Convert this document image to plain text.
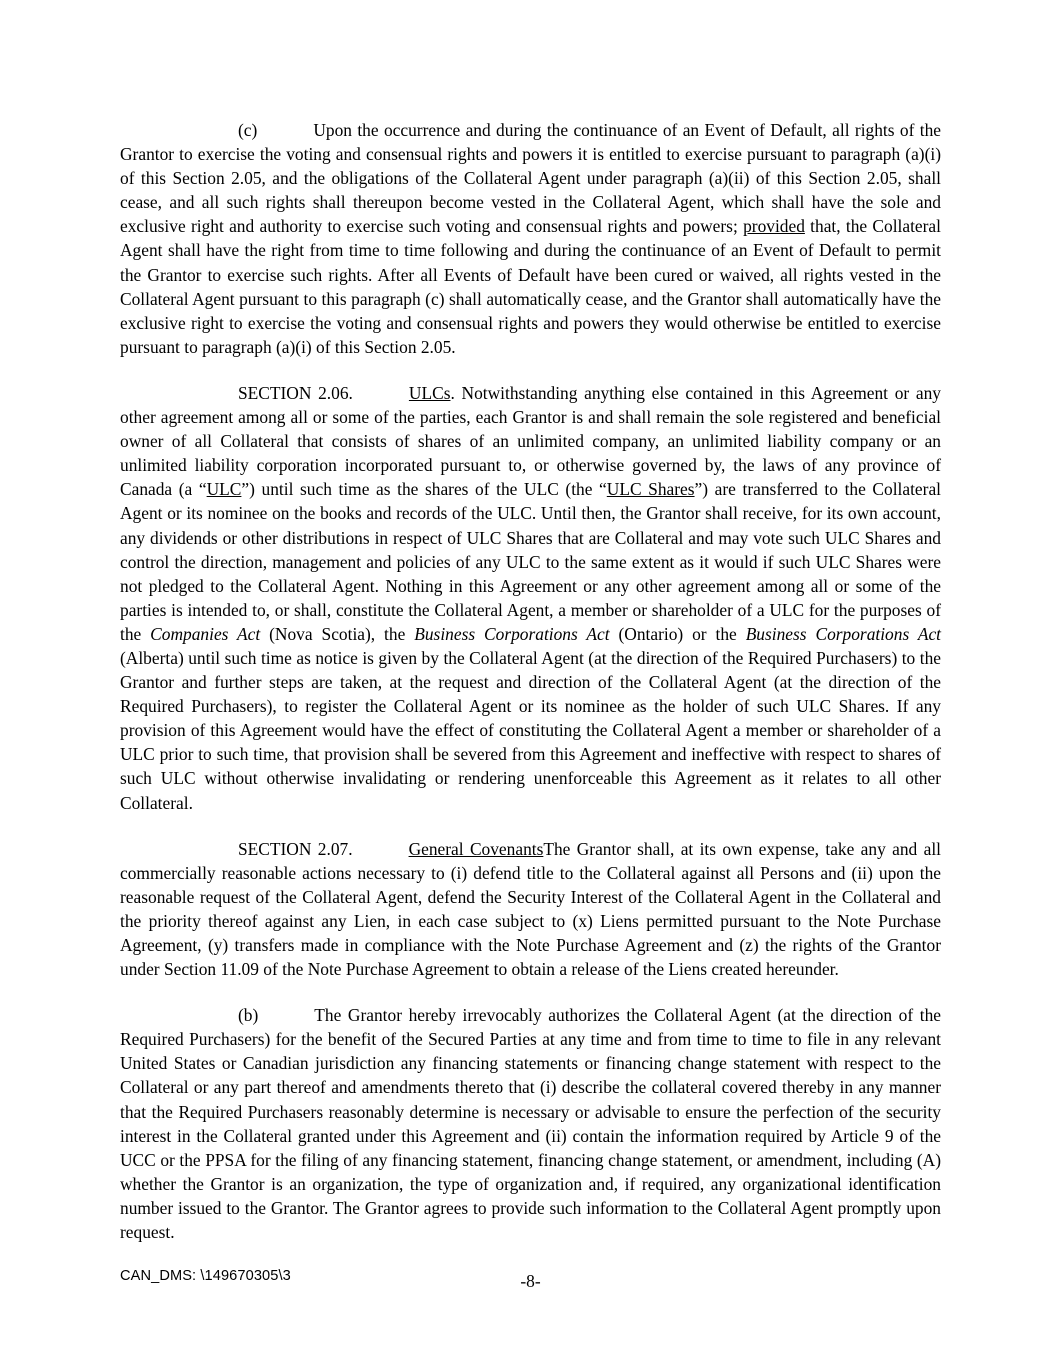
(c)	Upon the occurrence and during the continuance of an Event of Default, all rights of the Grantor to exercise the voting and consensual rights and powers it is entitled to exercise pursuant to paragraph (a)(i) of this Section 2.05, and the obligations of the Collateral Agent under paragraph (a)(ii) of this Section 2.05, shall cease, and all such rights shall thereupon become vested in the Collateral Agent, which shall have the sole and exclusive right and authority to exercise such voting and consensual rights and powers; provided that, the Collateral Agent shall have the right from time to time following and during the continuance of an Event of Default to permit the Grantor to exercise such rights. After all Events of Default have been cured or waived, all rights vested in the Collateral Agent pursuant to this paragraph (c) shall automatically cease, and the Grantor shall automatically have the exclusive right to exercise the voting and consensual rights and powers they would otherwise be entitled to exercise pursuant to paragraph (a)(i) of this Section 2.05.

SECTION 2.06.	ULCs. Notwithstanding anything else contained in this Agreement or any other agreement among all or some of the parties, each Grantor is and shall remain the sole registered and beneficial owner of all Collateral that consists of shares of an unlimited company, an unlimited liability company or an unlimited liability corporation incorporated pursuant to, or otherwise governed by, the laws of any province of Canada (a “ULC”) until such time as the shares of the ULC (the “ULC Shares”) are transferred to the Collateral Agent or its nominee on the books and records of the ULC. Until then, the Grantor shall receive, for its own account, any dividends or other distributions in respect of ULC Shares that are Collateral and may vote such ULC Shares and control the direction, management and policies of any ULC to the same extent as it would if such ULC Shares were not pledged to the Collateral Agent. Nothing in this Agreement or any other agreement among all or some of the parties is intended to, or shall, constitute the Collateral Agent, a member or shareholder of a ULC for the purposes of the Companies Act (Nova Scotia), the Business Corporations Act (Ontario) or the Business Corporations Act (Alberta) until such time as notice is given by the Collateral Agent (at the direction of the Required Purchasers) to the Grantor and further steps are taken, at the request and direction of the Collateral Agent (at the direction of the Required Purchasers), to register the Collateral Agent or its nominee as the holder of such ULC Shares. If any provision of this Agreement would have the effect of constituting the Collateral Agent a member or shareholder of a ULC prior to such time, that provision shall be severed from this Agreement and ineffective with respect to shares of such ULC without otherwise invalidating or rendering unenforceable this Agreement as it relates to all other Collateral.

SECTION 2.07.	General CovenantsThe Grantor shall, at its own expense, take any and all commercially reasonable actions necessary to (i) defend title to the Collateral against all Persons and (ii) upon the reasonable request of the Collateral Agent, defend the Security Interest of the Collateral Agent in the Collateral and the priority thereof against any Lien, in each case subject to (x) Liens permitted pursuant to the Note Purchase Agreement, (y) transfers made in compliance with the Note Purchase Agreement and (z) the rights of the Grantor under Section 11.09 of the Note Purchase Agreement to obtain a release of the Liens created hereunder.

(b)	The Grantor hereby irrevocably authorizes the Collateral Agent (at the direction of the Required Purchasers) for the benefit of the Secured Parties at any time and from time to time to file in any relevant United States or Canadian jurisdiction any financing statements or financing change statement with respect to the Collateral or any part thereof and amendments thereto that (i) describe the collateral covered thereby in any manner that the Required Purchasers reasonably determine is necessary or advisable to ensure the perfection of the security interest in the Collateral granted under this Agreement and (ii) contain the information required by Article 9 of the UCC or the PPSA for the filing of any financing statement, financing change statement, or amendment, including (A) whether the Grantor is an organization, the type of organization and, if required, any organizational identification number issued to the Grantor. The Grantor agrees to provide such information to the Collateral Agent promptly upon request.

CAN_DMS: \149670305\3	-8-
